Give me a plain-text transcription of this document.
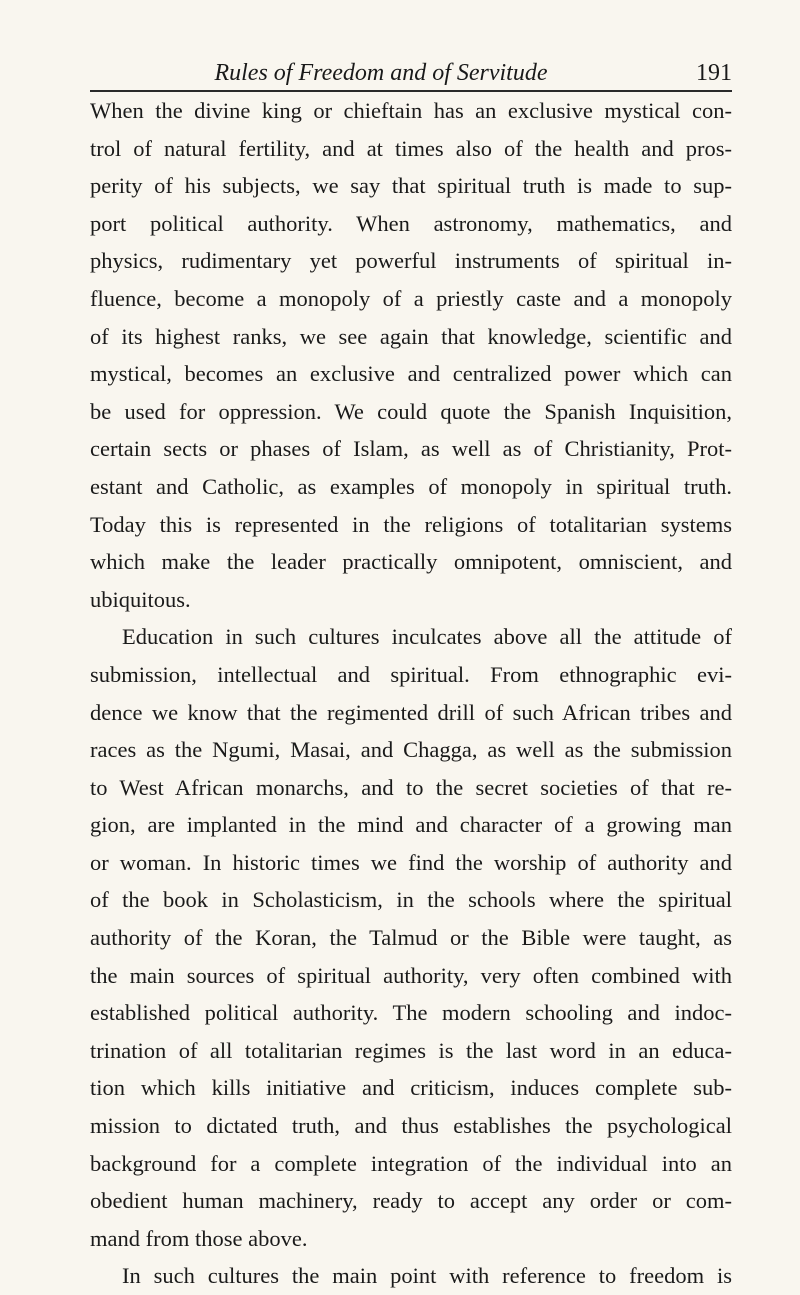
Rules of Freedom and of Servitude	191
When the divine king or chieftain has an exclusive mystical con-
trol of natural fertility, and at times also of the health and pros-
perity of his subjects, we say that spiritual truth is made to sup-
port political authority. When astronomy, mathematics, and
physics, rudimentary yet powerful instruments of spiritual in-
fluence, become a monopoly of a priestly caste and a monopoly
of its highest ranks, we see again that knowledge, scientific and
mystical, becomes an exclusive and centralized power which can
be used for oppression. We could quote the Spanish Inquisition,
certain sects or phases of Islam, as well as of Christianity, Prot-
estant and Catholic, as examples of monopoly in spiritual truth.
Today this is represented in the religions of totalitarian systems
which make the leader practically omnipotent, omniscient, and
ubiquitous.
Education in such cultures inculcates above all the attitude of
submission, intellectual and spiritual. From ethnographic evi-
dence we know that the regimented drill of such African tribes and
races as the Ngumi, Masai, and Chagga, as well as the submission
to West African monarchs, and to the secret societies of that re-
gion, are implanted in the mind and character of a growing man
or woman. In historic times we find the worship of authority and
of the book in Scholasticism, in the schools where the spiritual
authority of the Koran, the Talmud or the Bible were taught, as
the main sources of spiritual authority, very often combined with
established political authority. The modern schooling and indoc-
trination of all totalitarian regimes is the last word in an educa-
tion which kills initiative and criticism, induces complete sub-
mission to dictated truth, and thus establishes the psychological
background for a complete integration of the individual into an
obedient human machinery, ready to accept any order or com-
mand from those above.
In such cultures the main point with reference to freedom is
